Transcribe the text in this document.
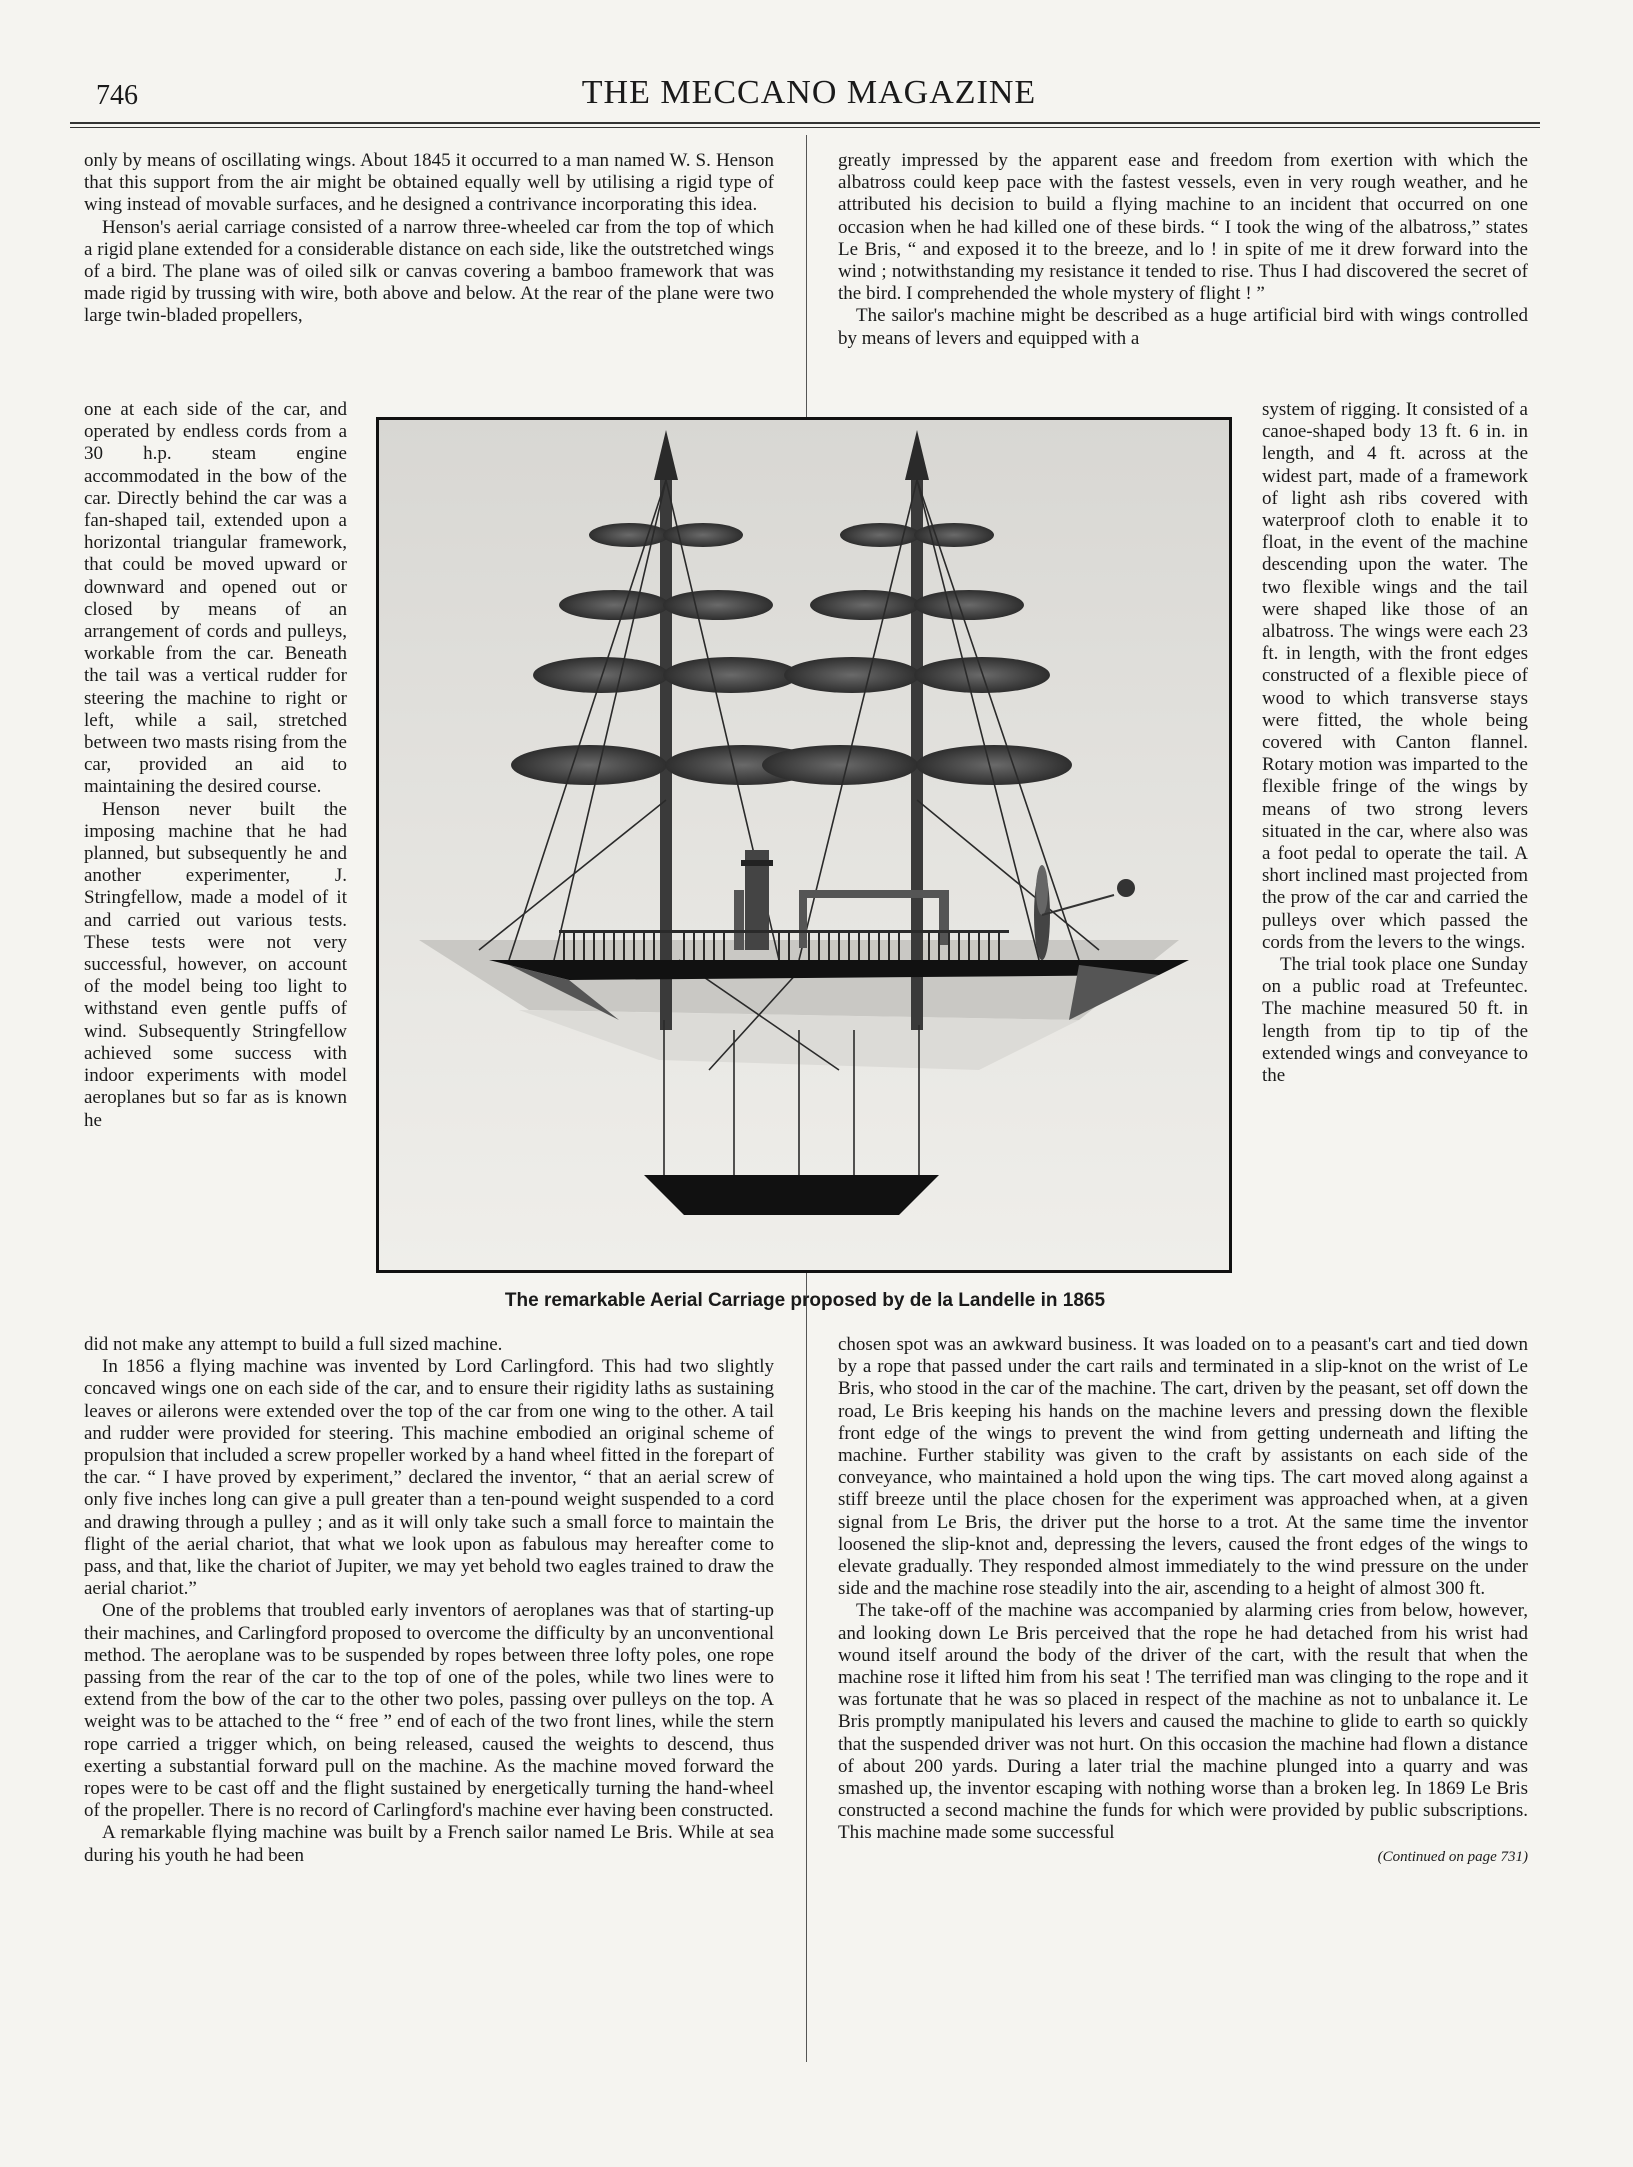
746	THE MECCANO MAGAZINE

only by means of oscillating wings. About 1845 it occurred to a man named W. S. Henson that this support from the air might be obtained equally well by utilising a rigid type of wing instead of movable surfaces, and he designed a contrivance incorporating this idea.

Henson's aerial carriage consisted of a narrow three-wheeled car from the top of which a rigid plane extended for a considerable distance on each side, like the outstretched wings of a bird. The plane was of oiled silk or canvas covering a bamboo framework that was made rigid by trussing with wire, both above and below. At the rear of the plane were two large twin-bladed propellers,

one at each side of the car, and operated by endless cords from a 30 h.p. steam engine accommodated in the bow of the car. Directly behind the car was a fan-shaped tail, extended upon a horizontal triangular framework, that could be moved upward or downward and opened out or closed by means of an arrangement of cords and pulleys, workable from the car. Beneath the tail was a vertical rudder for steering the machine to right or left, while a sail, stretched between two masts rising from the car, provided an aid to maintaining the desired course.

Henson never built the imposing machine that he had planned, but subsequently he and another experimenter, J. Stringfellow, made a model of it and carried out various tests. These tests were not very successful, however, on account of the model being too light to withstand even gentle puffs of wind. Subsequently Stringfellow achieved some success with indoor experiments with model aeroplanes but so far as is known he

did not make any attempt to build a full sized machine.

In 1856 a flying machine was invented by Lord Carlingford. This had two slightly concaved wings one on each side of the car, and to ensure their rigidity laths as sustaining leaves or ailerons were extended over the top of the car from one wing to the other. A tail and rudder were provided for steering. This machine embodied an original scheme of propulsion that included a screw propeller worked by a hand wheel fitted in the forepart of the car. “ I have proved by experiment,” declared the inventor, “ that an aerial screw of only five inches long can give a pull greater than a ten-pound weight suspended to a cord and drawing through a pulley ; and as it will only take such a small force to maintain the flight of the aerial chariot, that what we look upon as fabulous may hereafter come to pass, and that, like the chariot of Jupiter, we may yet behold two eagles trained to draw the aerial chariot.”

One of the problems that troubled early inventors of aeroplanes was that of starting-up their machines, and Carlingford proposed to overcome the difficulty by an unconventional method. The aeroplane was to be suspended by ropes between three lofty poles, one rope passing from the rear of the car to the top of one of the poles, while two lines were to extend from the bow of the car to the other two poles, passing over pulleys on the top. A weight was to be attached to the “ free ” end of each of the two front lines, while the stern rope carried a trigger which, on being released, caused the weights to descend, thus exerting a substantial forward pull on the machine. As the machine moved forward the ropes were to be cast off and the flight sustained by energetically turning the hand-wheel of the propeller. There is no record of Carlingford's machine ever having been constructed.

A remarkable flying machine was built by a French sailor named Le Bris. While at sea during his youth he had been

greatly impressed by the apparent ease and freedom from exertion with which the albatross could keep pace with the fastest vessels, even in very rough weather, and he attributed his decision to build a flying machine to an incident that occurred on one occasion when he had killed one of these birds. “ I took the wing of the albatross,” states Le Bris, “ and exposed it to the breeze, and lo ! in spite of me it drew forward into the wind ; notwithstanding my resistance it tended to rise. Thus I had discovered the secret of the bird. I comprehended the whole mystery of flight ! ”

The sailor's machine might be described as a huge artificial bird with wings controlled by means of levers and equipped with a

system of rigging. It consisted of a canoe-shaped body 13 ft. 6 in. in length, and 4 ft. across at the widest part, made of a framework of light ash ribs covered with waterproof cloth to enable it to float, in the event of the machine descending upon the water. The two flexible wings and the tail were shaped like those of an albatross. The wings were each 23 ft. in length, with the front edges constructed of a flexible piece of wood to which transverse stays were fitted, the whole being covered with Canton flannel. Rotary motion was imparted to the flexible fringe of the wings by means of two strong levers situated in the car, where also was a foot pedal to operate the tail. A short inclined mast projected from the prow of the car and carried the pulleys over which passed the cords from the levers to the wings.

The trial took place one Sunday on a public road at Trefeuntec. The machine measured 50 ft. in length from tip to tip of the extended wings and conveyance to the

chosen spot was an awkward business. It was loaded on to a peasant's cart and tied down by a rope that passed under the cart rails and terminated in a slip-knot on the wrist of Le Bris, who stood in the car of the machine. The cart, driven by the peasant, set off down the road, Le Bris keeping his hands on the machine levers and pressing down the flexible front edge of the wings to prevent the wind from getting underneath and lifting the machine. Further stability was given to the craft by assistants on each side of the conveyance, who maintained a hold upon the wing tips. The cart moved along against a stiff breeze until the place chosen for the experiment was approached when, at a given signal from Le Bris, the driver put the horse to a trot. At the same time the inventor loosened the slip-knot and, depressing the levers, caused the front edges of the wings to elevate gradually. They responded almost immediately to the wind pressure on the under side and the machine rose steadily into the air, ascending to a height of almost 300 ft.

The take-off of the machine was accompanied by alarming cries from below, however, and looking down Le Bris perceived that the rope he had detached from his wrist had wound itself around the body of the driver of the cart, with the result that when the machine rose it lifted him from his seat ! The terrified man was clinging to the rope and it was fortunate that he was so placed in respect of the machine as not to unbalance it. Le Bris promptly manipulated his levers and caused the machine to glide to earth so quickly that the suspended driver was not hurt. On this occasion the machine had flown a distance of about 200 yards. During a later trial the machine plunged into a quarry and was smashed up, the inventor escaping with nothing worse than a broken leg. In 1869 Le Bris constructed a second machine the funds for which were provided by public subscriptions. This machine made some successful

(Continued on page 731)

The remarkable Aerial Carriage proposed by de la Landelle in 1865
